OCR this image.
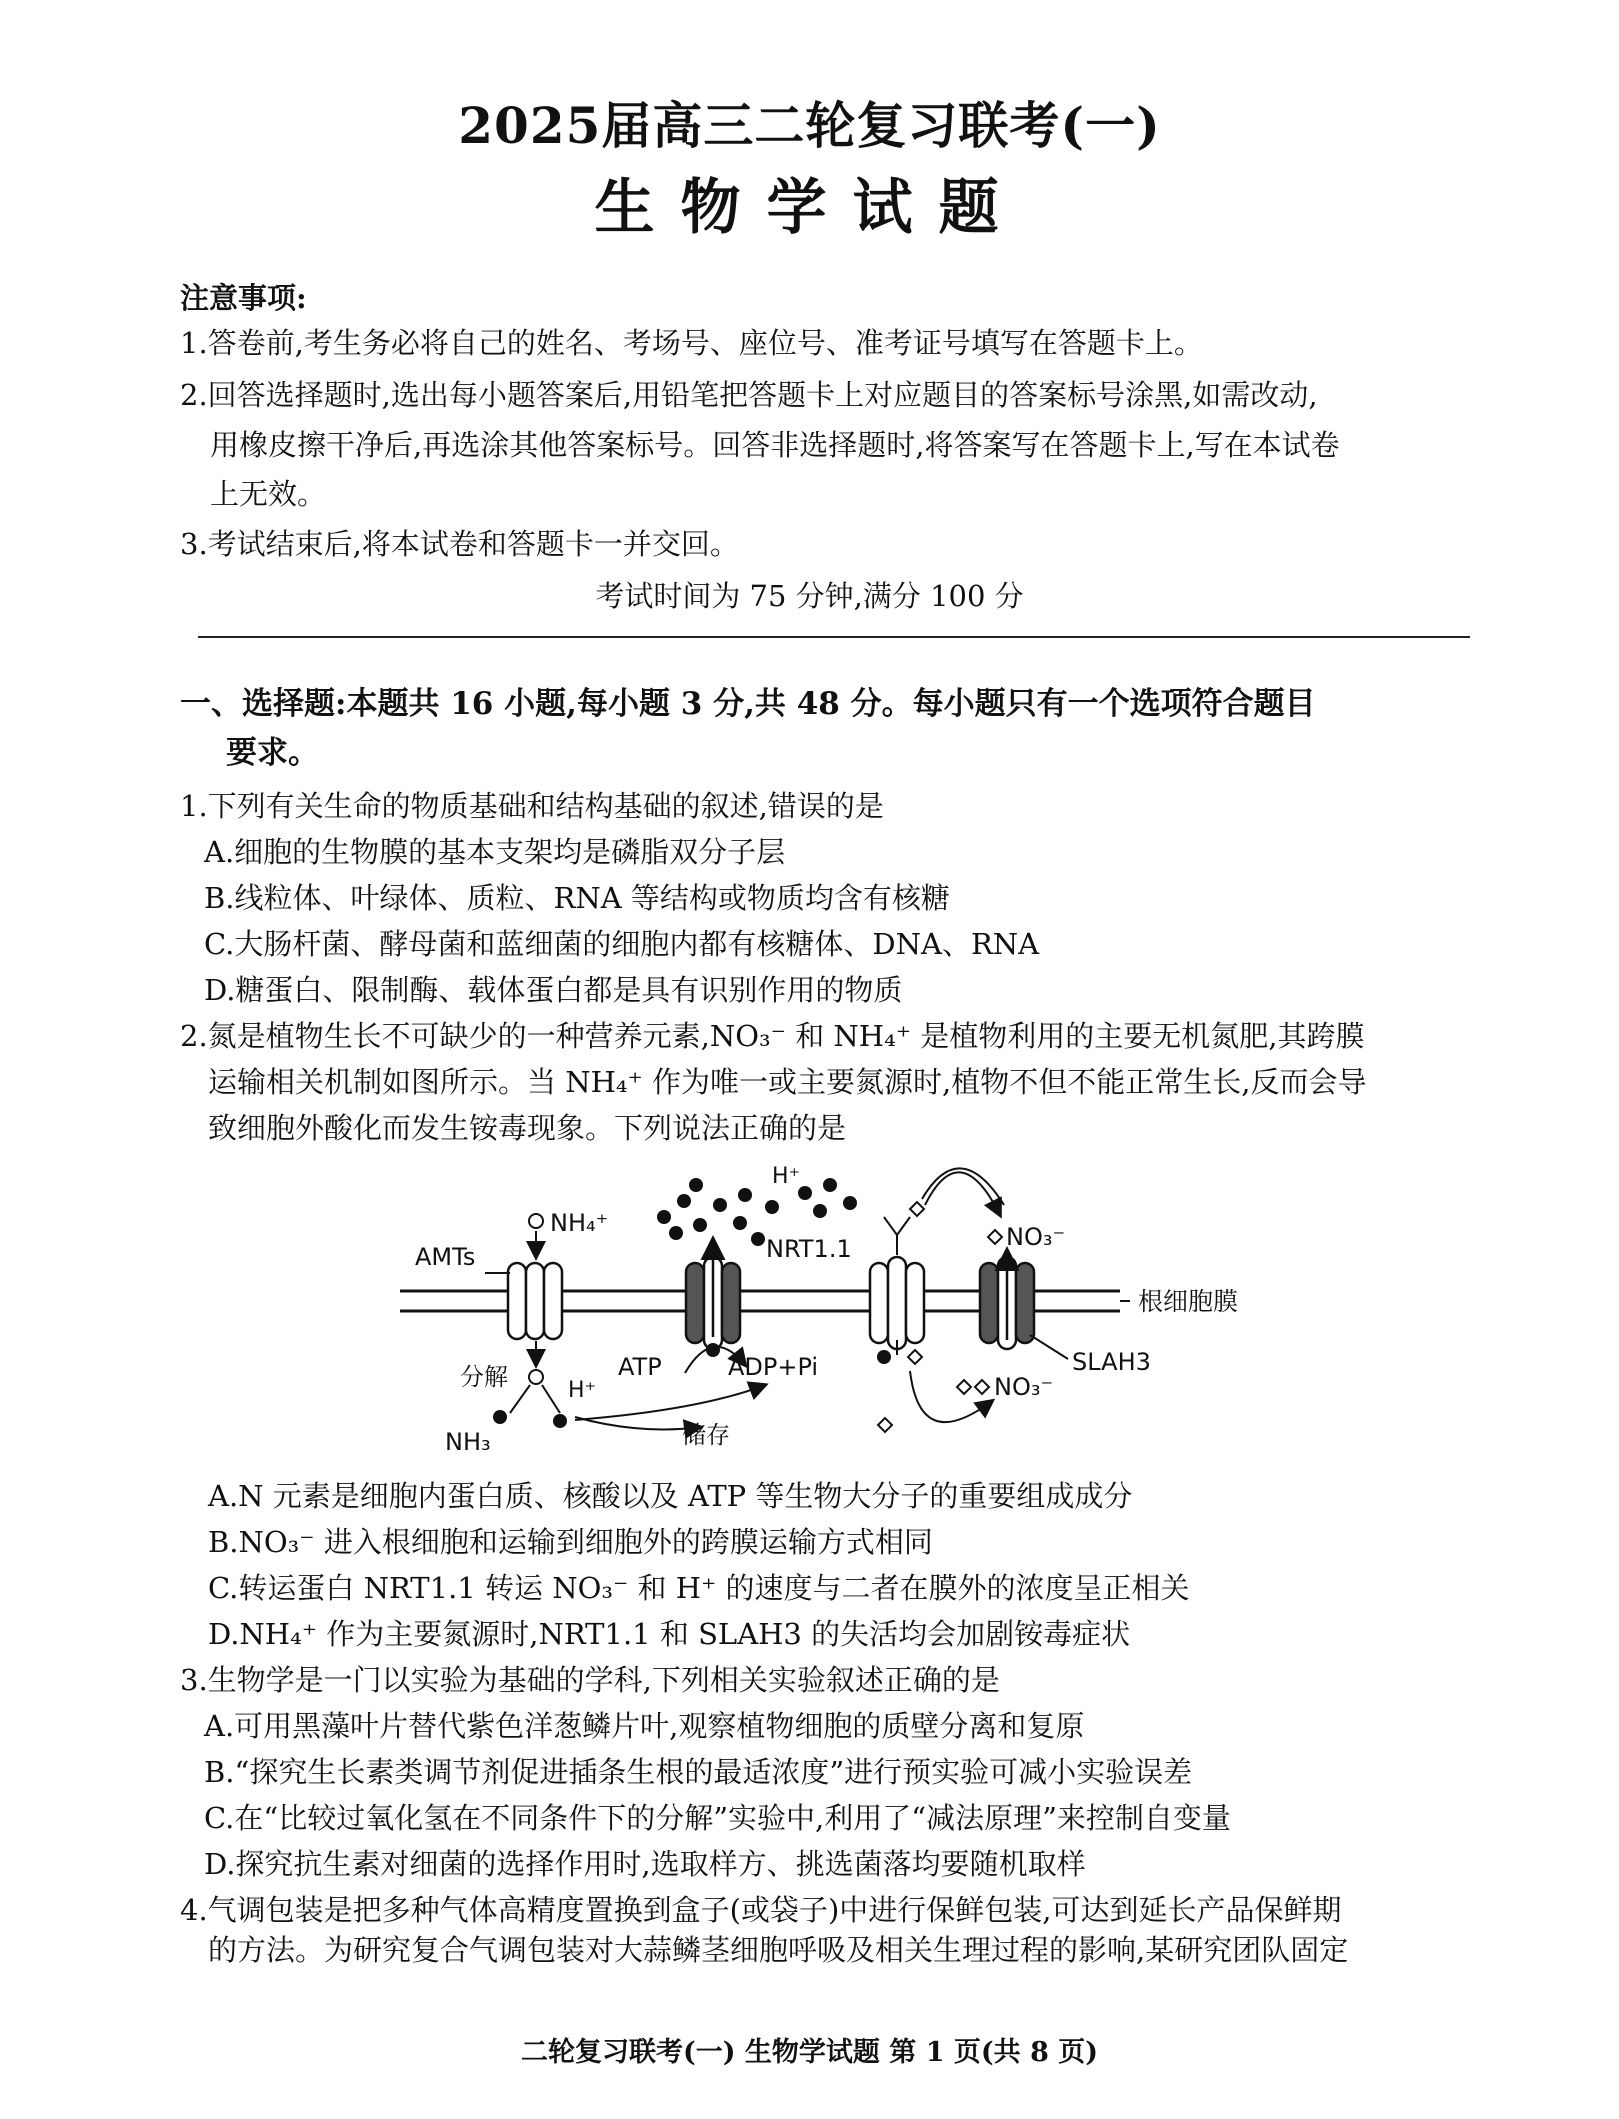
2025届高三二轮复习联考(一)
生物学试题
注意事项:
1.答卷前,考生务必将自己的姓名、考场号、座位号、准考证号填写在答题卡上。
2.回答选择题时,选出每小题答案后,用铅笔把答题卡上对应题目的答案标号涂黑,如需改动,
用橡皮擦干净后,再选涂其他答案标号。回答非选择题时,将答案写在答题卡上,写在本试卷
上无效。
3.考试结束后,将本试卷和答题卡一并交回。
考试时间为 75 分钟,满分 100 分
一、选择题:本题共 16 小题,每小题 3 分,共 48 分。每小题只有一个选项符合题目
要求。
1.下列有关生命的物质基础和结构基础的叙述,错误的是
A.细胞的生物膜的基本支架均是磷脂双分子层
B.线粒体、叶绿体、质粒、RNA 等结构或物质均含有核糖
C.大肠杆菌、酵母菌和蓝细菌的细胞内都有核糖体、DNA、RNA
D.糖蛋白、限制酶、载体蛋白都是具有识别作用的物质
2.氮是植物生长不可缺少的一种营养元素,NO₃⁻ 和 NH₄⁺ 是植物利用的主要无机氮肥,其跨膜
运输相关机制如图所示。当 NH₄⁺ 作为唯一或主要氮源时,植物不但不能正常生长,反而会导
致细胞外酸化而发生铵毒现象。下列说法正确的是
根细胞膜
AMTs
NH₄⁺
分解
NH₃
H⁺
ATP	ADP+Pi
储存
H⁺
NRT1.1
SLAH3
NO₃⁻
NO₃⁻
A.N 元素是细胞内蛋白质、核酸以及 ATP 等生物大分子的重要组成成分
B.NO₃⁻ 进入根细胞和运输到细胞外的跨膜运输方式相同
C.转运蛋白 NRT1.1 转运 NO₃⁻ 和 H⁺ 的速度与二者在膜外的浓度呈正相关
D.NH₄⁺ 作为主要氮源时,NRT1.1 和 SLAH3 的失活均会加剧铵毒症状
3.生物学是一门以实验为基础的学科,下列相关实验叙述正确的是
A.可用黑藻叶片替代紫色洋葱鳞片叶,观察植物细胞的质壁分离和复原
B.“探究生长素类调节剂促进插条生根的最适浓度”进行预实验可减小实验误差
C.在“比较过氧化氢在不同条件下的分解”实验中,利用了“减法原理”来控制自变量
D.探究抗生素对细菌的选择作用时,选取样方、挑选菌落均要随机取样
4.气调包装是把多种气体高精度置换到盒子(或袋子)中进行保鲜包装,可达到延长产品保鲜期
的方法。为研究复合气调包装对大蒜鳞茎细胞呼吸及相关生理过程的影响,某研究团队固定
二轮复习联考(一) 生物学试题 第 1 页(共 8 页)
